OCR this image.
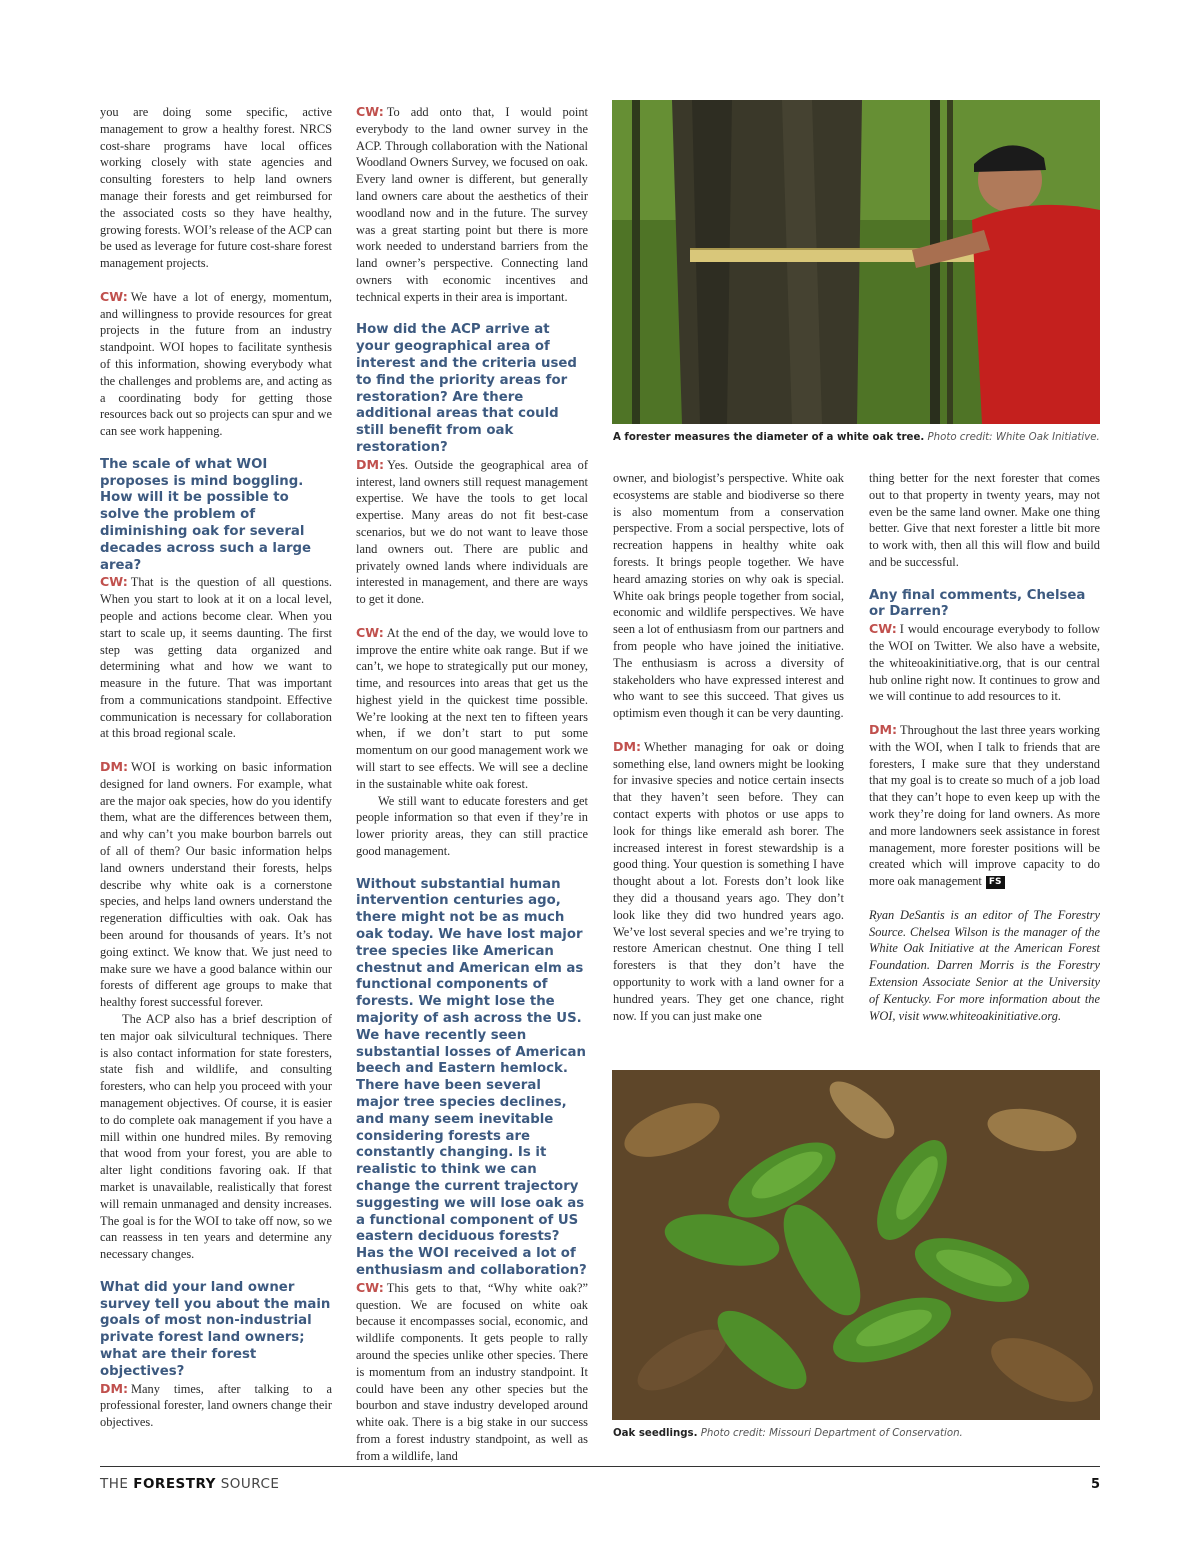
you are doing some specific, active management to grow a healthy forest. NRCS cost-share programs have local offices working closely with state agencies and consulting foresters to help land owners manage their forests and get reimbursed for the associated costs so they have healthy, growing forests. WOI’s release of the ACP can be used as leverage for future cost-share forest management projects.

CW: We have a lot of energy, momentum, and willingness to provide resources for great projects in the future from an industry standpoint. WOI hopes to facilitate synthesis of this information, showing everybody what the challenges and problems are, and acting as a coordinating body for getting those resources back out so projects can spur and we can see work happening.

The scale of what WOI proposes is mind boggling. How will it be possible to solve the problem of diminishing oak for several decades across such a large area?

CW: That is the question of all questions. When you start to look at it on a local level, people and actions become clear. When you start to scale up, it seems daunting. The first step was getting data organized and determining what and how we want to measure in the future. That was important from a communications standpoint. Effective communication is necessary for collaboration at this broad regional scale.

DM: WOI is working on basic information designed for land owners. For example, what are the major oak species, how do you identify them, what are the differences between them, and why can’t you make bourbon barrels out of all of them? Our basic information helps land owners understand their forests, helps describe why white oak is a cornerstone species, and helps land owners understand the regeneration difficulties with oak. Oak has been around for thousands of years. It’s not going extinct. We know that. We just need to make sure we have a good balance within our forests of different age groups to make that healthy forest successful forever.

The ACP also has a brief description of ten major oak silvicultural techniques. There is also contact information for state foresters, state fish and wildlife, and consulting foresters, who can help you proceed with your management objectives. Of course, it is easier to do complete oak management if you have a mill within one hundred miles. By removing that wood from your forest, you are able to alter light conditions favoring oak. If that market is unavailable, realistically that forest will remain unmanaged and density increases. The goal is for the WOI to take off now, so we can reassess in ten years and determine any necessary changes.

What did your land owner survey tell you about the main goals of most non-industrial private forest land owners; what are their forest objectives?

DM: Many times, after talking to a professional forester, land owners change their objectives.

CW: To add onto that, I would point everybody to the land owner survey in the ACP. Through collaboration with the National Woodland Owners Survey, we focused on oak. Every land owner is different, but generally land owners care about the aesthetics of their woodland now and in the future. The survey was a great starting point but there is more work needed to understand barriers from the land owner’s perspective. Connecting land owners with economic incentives and technical experts in their area is important.

How did the ACP arrive at your geographical area of interest and the criteria used to find the priority areas for restoration? Are there additional areas that could still benefit from oak restoration?

DM: Yes. Outside the geographical area of interest, land owners still request management expertise. We have the tools to get local expertise. Many areas do not fit best-case scenarios, but we do not want to leave those land owners out. There are public and privately owned lands where individuals are interested in management, and there are ways to get it done.

CW: At the end of the day, we would love to improve the entire white oak range. But if we can’t, we hope to strategically put our money, time, and resources into areas that get us the highest yield in the quickest time possible. We’re looking at the next ten to fifteen years when, if we don’t start to put some momentum on our good management work we will start to see effects. We will see a decline in the sustainable white oak forest.

We still want to educate foresters and get people information so that even if they’re in lower priority areas, they can still practice good management.

Without substantial human intervention centuries ago, there might not be as much oak today. We have lost major tree species like American chestnut and American elm as functional components of forests. We might lose the majority of ash across the US. We have recently seen substantial losses of American beech and Eastern hemlock. There have been several major tree species declines, and many seem inevitable considering forests are constantly changing. Is it realistic to think we can change the current trajectory suggesting we will lose oak as a functional component of US eastern deciduous forests? Has the WOI received a lot of enthusiasm and collaboration?

CW: This gets to that, “Why white oak?” question. We are focused on white oak because it encompasses social, economic, and wildlife components. It gets people to rally around the species unlike other species. There is momentum from an industry standpoint. It could have been any other species but the bourbon and stave industry developed around white oak. There is a big stake in our success from a forest industry standpoint, as well as from a wildlife, land

A forester measures the diameter of a white oak tree. Photo credit: White Oak Initiative.

owner, and biologist’s perspective. White oak ecosystems are stable and biodiverse so there is also momentum from a conservation perspective. From a social perspective, lots of recreation happens in healthy white oak forests. It brings people together. We have heard amazing stories on why oak is special. White oak brings people together from social, economic and wildlife perspectives. We have seen a lot of enthusiasm from our partners and from people who have joined the initiative. The enthusiasm is across a diversity of stakeholders who have expressed interest and who want to see this succeed. That gives us optimism even though it can be very daunting.

DM: Whether managing for oak or doing something else, land owners might be looking for invasive species and notice certain insects that they haven’t seen before. They can contact experts with photos or use apps to look for things like emerald ash borer. The increased interest in forest stewardship is a good thing. Your question is something I have thought about a lot. Forests don’t look like they did a thousand years ago. They don’t look like they did two hundred years ago. We’ve lost several species and we’re trying to restore American chestnut. One thing I tell foresters is that they don’t have the opportunity to work with a land owner for a hundred years. They get one chance, right now. If you can just make one

thing better for the next forester that comes out to that property in twenty years, may not even be the same land owner. Make one thing better. Give that next forester a little bit more to work with, then all this will flow and build and be successful.

Any final comments, Chelsea or Darren?

CW: I would encourage everybody to follow the WOI on Twitter. We also have a website, the whiteoakinitiative.org, that is our central hub online right now. It continues to grow and we will continue to add resources to it.

DM: Throughout the last three years working with the WOI, when I talk to friends that are foresters, I make sure that they understand that my goal is to create so much of a job load that they can’t hope to even keep up with the work they’re doing for land owners. As more and more landowners seek assistance in forest management, more forester positions will be created which will improve capacity to do more oak management FS

Ryan DeSantis is an editor of The Forestry Source. Chelsea Wilson is the manager of the White Oak Initiative at the American Forest Foundation. Darren Morris is the Forestry Extension Associate Senior at the University of Kentucky. For more information about the WOI, visit www.whiteoakinitiative.org.

Oak seedlings. Photo credit: Missouri Department of Conservation.
THE FORESTRY SOURCE	5
